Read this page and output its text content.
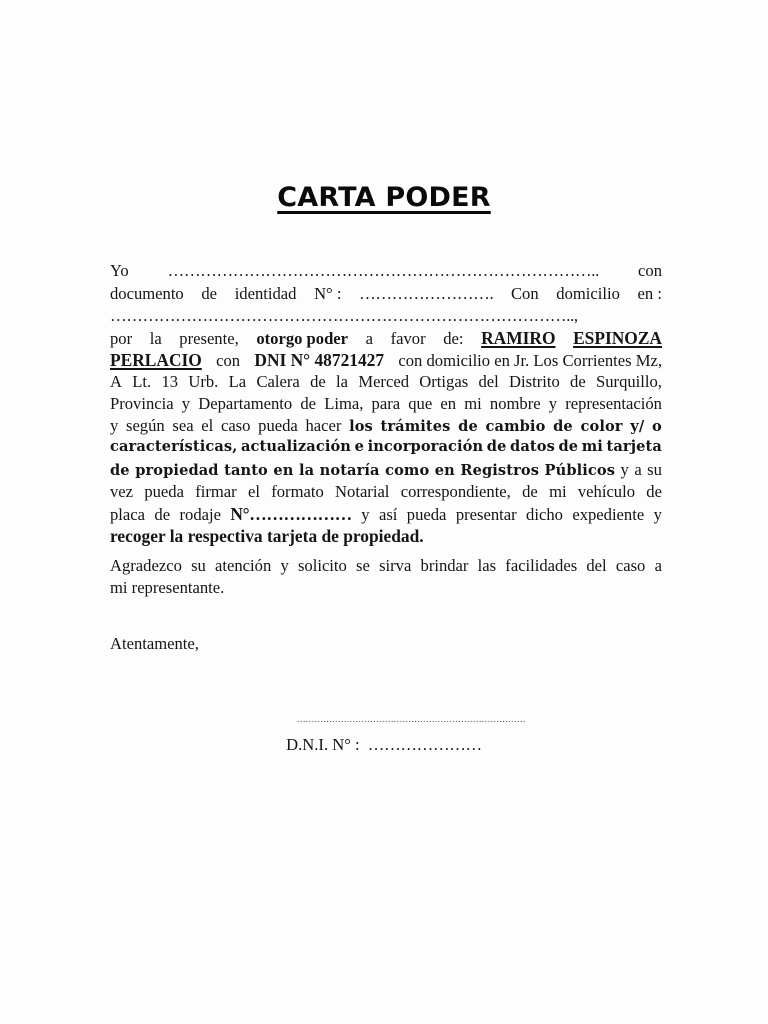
CARTA PODER
Yo …………………………………………………………………….. con
documento de identidad N° : ……………………. Con domicilio en :
…………………………………………………………………………..,
por la presente, otorgo poder a favor de: RAMIRO ESPINOZA
PERLACIO con DNI N° 48721427 con domicilio en Jr. Los Corrientes Mz,
A Lt. 13 Urb. La Calera de la Merced Ortigas del Distrito de Surquillo,
Provincia y Departamento de Lima, para que en mi nombre y representación
y según sea el caso pueda hacer los trámites de cambio de color y/ o
características, actualización e incorporación de datos de mi tarjeta
de propiedad tanto en la notaría como en Registros Públicos y a su
vez pueda firmar el formato Notarial correspondiente, de mi vehículo de
placa de rodaje N°……………… y así pueda presentar dicho expediente y
recoger la respectiva tarjeta de propiedad.
Agradezco su atención y solicito se sirva brindar las facilidades del caso a
mi representante.
Atentamente,
……………………………………………………………………
D.N.I. N° : …………………
